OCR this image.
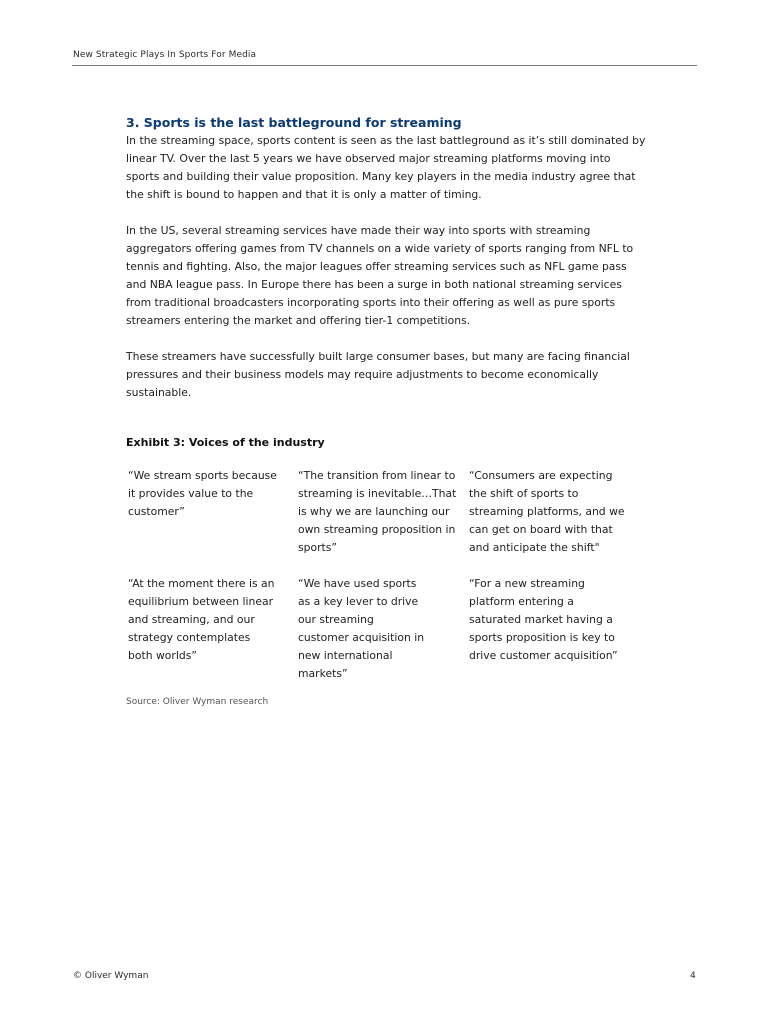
New Strategic Plays In Sports For Media
3. Sports is the last battleground for streaming

In the streaming space, sports content is seen as the last battleground as it’s still dominated by linear TV. Over the last 5 years we have observed major streaming platforms moving into sports and building their value proposition. Many key players in the media industry agree that the shift is bound to happen and that it is only a matter of timing.

In the US, several streaming services have made their way into sports with streaming aggregators offering games from TV channels on a wide variety of sports ranging from NFL to tennis and fighting. Also, the major leagues offer streaming services such as NFL game pass and NBA league pass. In Europe there has been a surge in both national streaming services from traditional broadcasters incorporating sports into their offering as well as pure sports streamers entering the market and offering tier-1 competitions.

These streamers have successfully built large consumer bases, but many are facing financial pressures and their business models may require adjustments to become economically sustainable.

Exhibit 3: Voices of the industry
“We stream sports because it provides value to the customer”
“The transition from linear to streaming is inevitable…That is why we are launching our own streaming proposition in sports”
“Consumers are expecting the shift of sports to streaming platforms, and we can get on board with that and anticipate the shift"
“At the moment there is an equilibrium between linear and streaming, and our strategy contemplates both worlds”
“We have used sports as a key lever to drive our streaming customer acquisition in new international markets”
“For a new streaming platform entering a saturated market having a sports proposition is key to drive customer acquisition”
Source: Oliver Wyman research
© Oliver Wyman	4
